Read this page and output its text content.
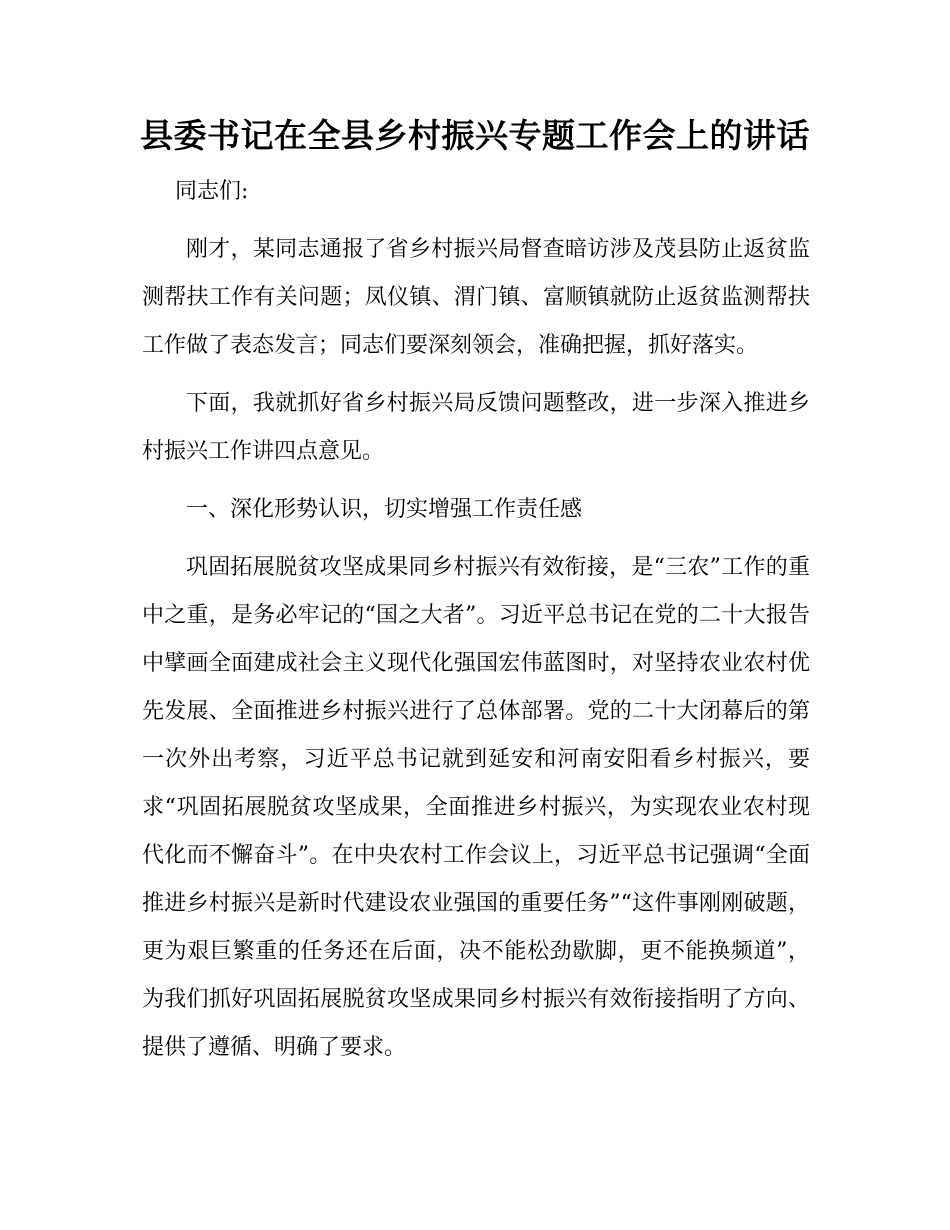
县委书记在全县乡村振兴专题工作会上的讲话

同志们:

刚才，某同志通报了省乡村振兴局督查暗访涉及茂县防止返贫监测帮扶工作有关问题；凤仪镇、渭门镇、富顺镇就防止返贫监测帮扶工作做了表态发言；同志们要深刻领会，准确把握，抓好落实。

下面，我就抓好省乡村振兴局反馈问题整改，进一步深入推进乡村振兴工作讲四点意见。

一、深化形势认识，切实增强工作责任感

巩固拓展脱贫攻坚成果同乡村振兴有效衔接，是“三农”工作的重中之重，是务必牢记的“国之大者”。习近平总书记在党的二十大报告中擘画全面建成社会主义现代化强国宏伟蓝图时，对坚持农业农村优先发展、全面推进乡村振兴进行了总体部署。党的二十大闭幕后的第一次外出考察，习近平总书记就到延安和河南安阳看乡村振兴，要求“巩固拓展脱贫攻坚成果，全面推进乡村振兴，为实现农业农村现代化而不懈奋斗”。在中央农村工作会议上，习近平总书记强调“全面推进乡村振兴是新时代建设农业强国的重要任务”“这件事刚刚破题，更为艰巨繁重的任务还在后面，决不能松劲歇脚，更不能换频道”，为我们抓好巩固拓展脱贫攻坚成果同乡村振兴有效衔接指明了方向、提供了遵循、明确了要求。
